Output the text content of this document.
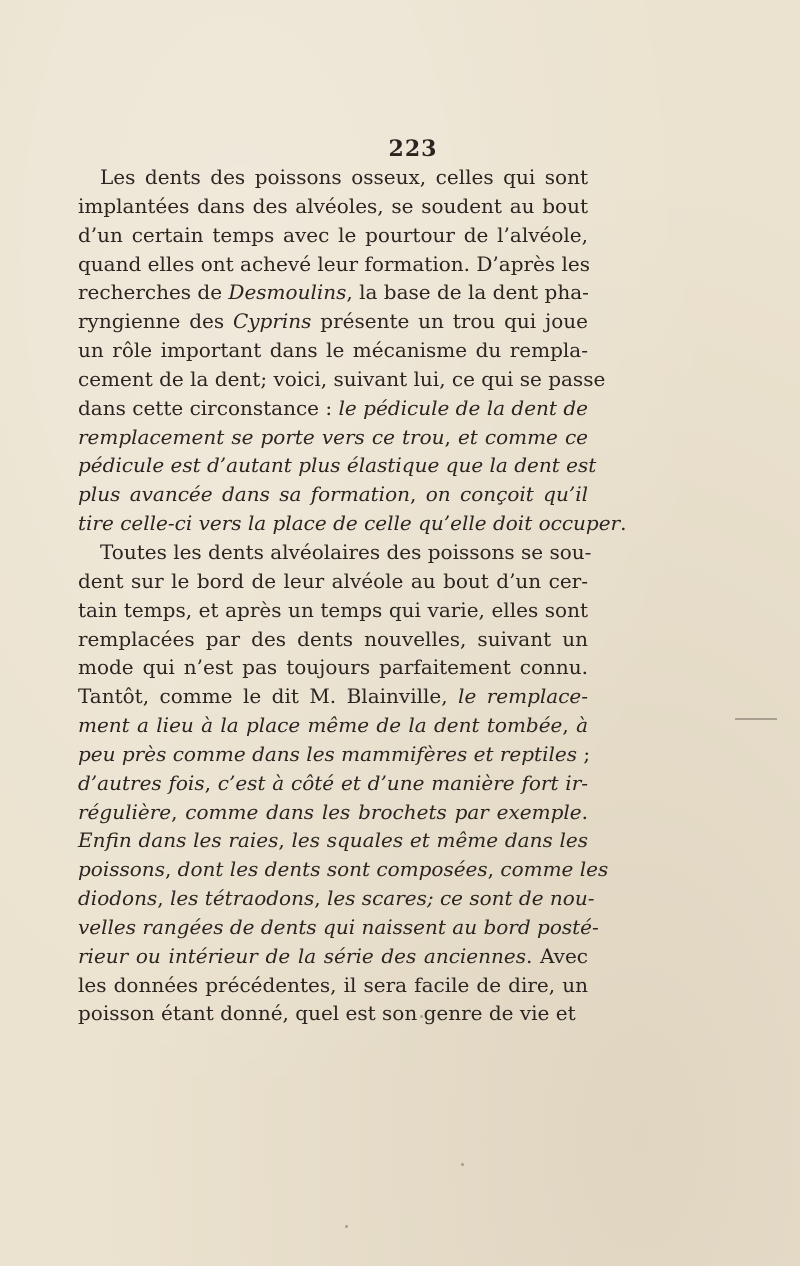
223
Les dents des poissons osseux, celles qui sont
implantées dans des alvéoles, se soudent au bout
d’un certain temps avec le pourtour de l’alvéole,
quand elles ont achevé leur formation. D’après les
recherches de Desmoulins, la base de la dent pha-
ryngienne des Cyprins présente un trou qui joue
un rôle important dans le mécanisme du rempla-
cement de la dent; voici, suivant lui, ce qui se passe
dans cette circonstance : le pédicule de la dent de
remplacement se porte vers ce trou, et comme ce
pédicule est d’autant plus élastique que la dent est
plus avancée dans sa formation, on conçoit qu’il
tire celle-ci vers la place de celle qu’elle doit occuper.
Toutes les dents alvéolaires des poissons se sou-
dent sur le bord de leur alvéole au bout d’un cer-
tain temps, et après un temps qui varie, elles sont
remplacées par des dents nouvelles, suivant un
mode qui n’est pas toujours parfaitement connu.
Tantôt, comme le dit M. Blainville, le remplace-
ment a lieu à la place même de la dent tombée, à
peu près comme dans les mammifères et reptiles ;
d’autres fois, c’est à côté et d’une manière fort ir-
régulière, comme dans les brochets par exemple.
Enfin dans les raies, les squales et même dans les
poissons, dont les dents sont composées, comme les
diodons, les tétraodons, les scares; ce sont de nou-
velles rangées de dents qui naissent au bord posté-
rieur ou intérieur de la série des anciennes. Avec
les données précédentes, il sera facile de dire, un
poisson étant donné, quel est son genre de vie et
